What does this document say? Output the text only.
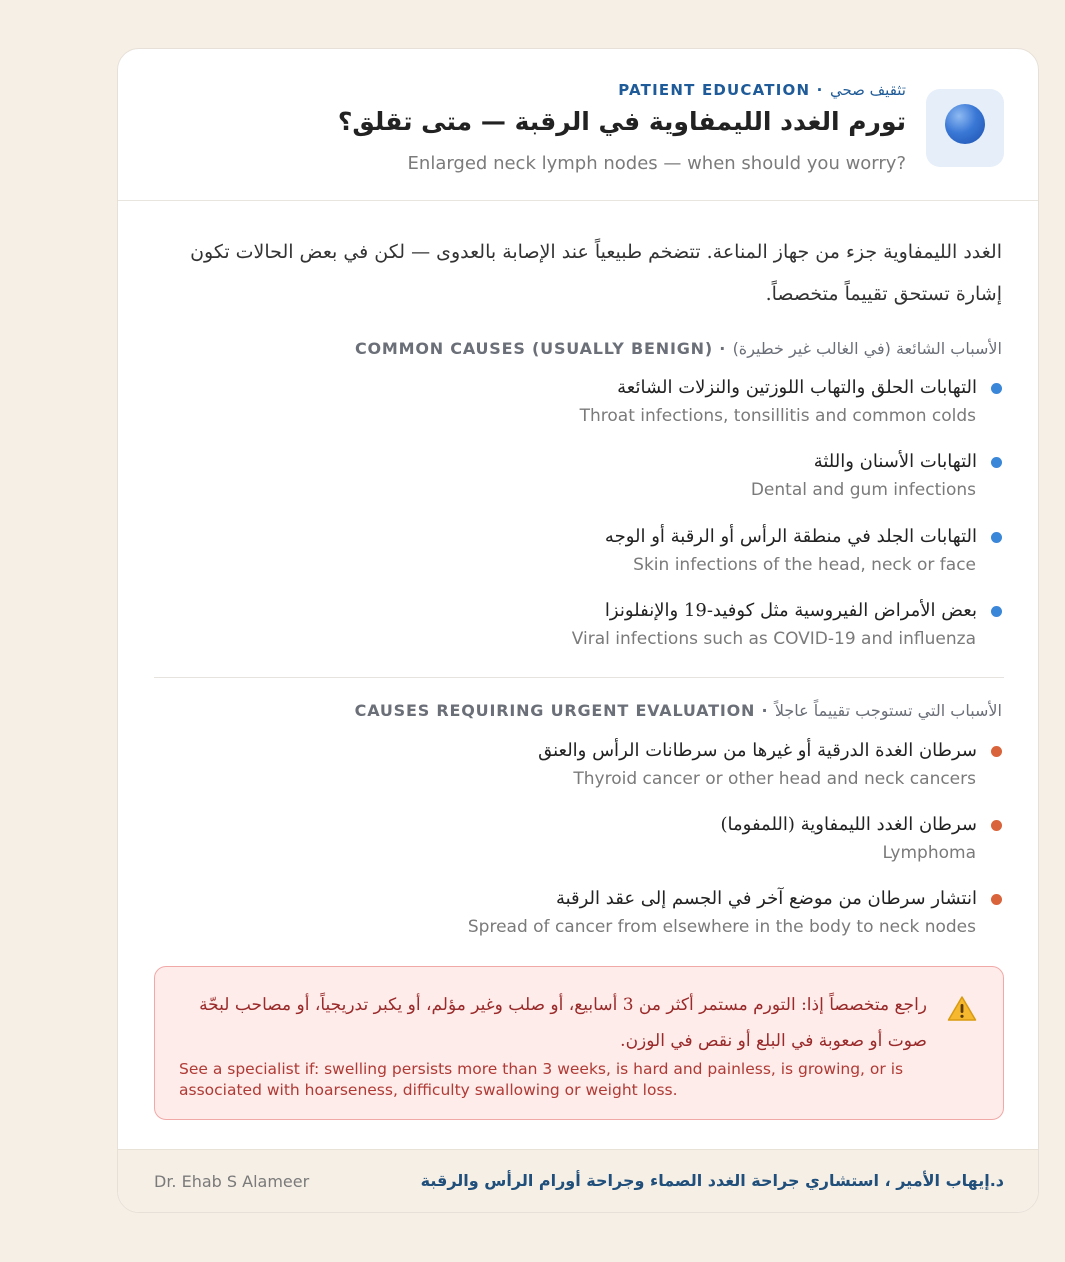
PATIENT EDUCATION · تثقيف صحي
تورم الغدد الليمفاوية في الرقبة — متى تقلق؟
Enlarged neck lymph nodes — when should you worry?
الغدد الليمفاوية جزء من جهاز المناعة. تتضخم طبيعياً عند الإصابة بالعدوى — لكن في بعض الحالات تكون إشارة تستحق تقييماً متخصصاً.
COMMON CAUSES (USUALLY BENIGN) · الأسباب الشائعة (في الغالب غير خطيرة)
التهابات الحلق والتهاب اللوزتين والنزلات الشائعة
Throat infections, tonsillitis and common colds
التهابات الأسنان واللثة
Dental and gum infections
التهابات الجلد في منطقة الرأس أو الرقبة أو الوجه
Skin infections of the head, neck or face
بعض الأمراض الفيروسية مثل كوفيد-19 والإنفلونزا
Viral infections such as COVID-19 and influenza
CAUSES REQUIRING URGENT EVALUATION · الأسباب التي تستوجب تقييماً عاجلاً
سرطان الغدة الدرقية أو غيرها من سرطانات الرأس والعنق
Thyroid cancer or other head and neck cancers
سرطان الغدد الليمفاوية (اللمفوما)
Lymphoma
انتشار سرطان من موضع آخر في الجسم إلى عقد الرقبة
Spread of cancer from elsewhere in the body to neck nodes
راجع متخصصاً إذا: التورم مستمر أكثر من 3 أسابيع، أو صلب وغير مؤلم، أو يكبر تدريجياً، أو مصاحب لبحّة صوت أو صعوبة في البلع أو نقص في الوزن.
See a specialist if: swelling persists more than 3 weeks, is hard and painless, is growing, or is associated with hoarseness, difficulty swallowing or weight loss.
Dr. Ehab S Alameer	د.إيهاب الأمير ، استشاري جراحة الغدد الصماء وجراحة أورام الرأس والرقبة
